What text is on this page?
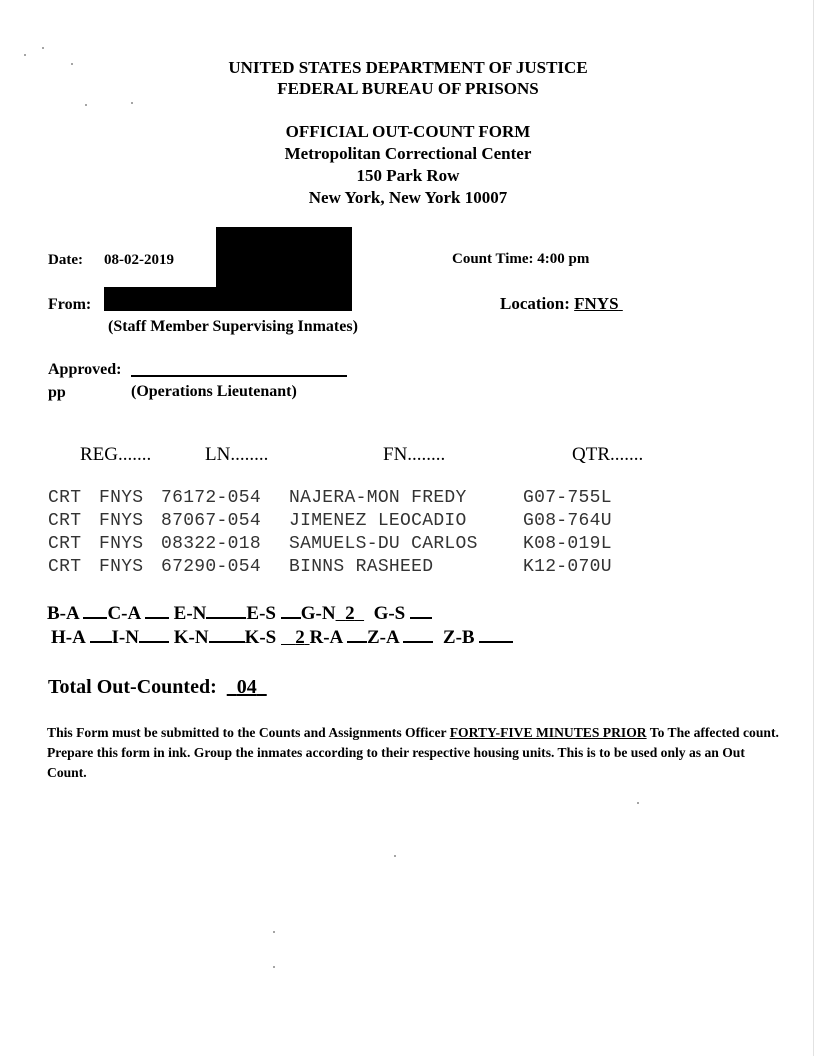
UNITED STATES DEPARTMENT OF JUSTICE
FEDERAL BUREAU OF PRISONS
OFFICIAL OUT-COUNT FORM
Metropolitan Correctional Center
150 Park Row
New York, New York 10007
Date: 08-02-2019	Count Time: 4:00 pm
From:	Location: FNYS
(Staff Member Supervising Inmates)
Approved:
pp	(Operations Lieutenant)
REG.......	LN........	FN........	QTR.......
CRT FNYS 76172-054 NAJERA-MON FREDY	G07-755L
CRT FNYS 87067-054 JIMENEZ LEOCADIO	G08-764U
CRT FNYS 08322-018 SAMUELS-DU CARLOS	K08-019L
CRT FNYS 67290-054 BINNS RASHEED	K12-070U
B-A C-A E-N E-S G-N 2 G-S
H-A I-N K-N K-S 2 R-A Z-A Z-B
Total Out-Counted: 04
This Form must be submitted to the Counts and Assignments Officer FORTY-FIVE MINUTES PRIOR To The affected count. Prepare this form in ink. Group the inmates according to their respective housing units. This is to be used only as an Out Count.
